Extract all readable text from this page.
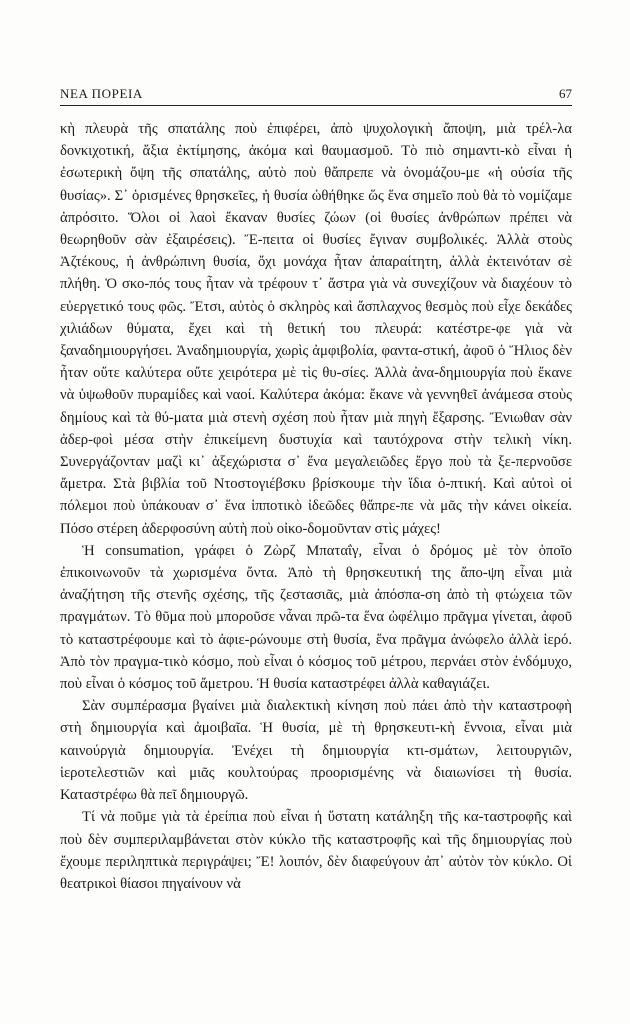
ΝΕΑ ΠΟΡΕΙΑ	67

κὴ πλευρὰ τῆς σπατάλης ποὺ ἐπιφέρει, ἀπὸ ψυχολογικὴ ἄποψη, μιὰ τρέλ-λα δονκιχοτική, ἄξια ἐκτίμησης, ἀκόμα καὶ θαυμασμοῦ. Τὸ πιὸ σημαντι-κὸ εἶναι ἡ ἐσωτερικὴ ὄψη τῆς σπατάλης, αὐτὸ ποὺ θἄπρεπε νὰ ὀνομάζου-με «ἡ οὐσία τῆς θυσίας». Σ᾿ ὁρισμένες θρησκεῖες, ἡ θυσία ὠθήθηκε ὥς ἕνα σημεῖο ποὺ θὰ τὸ νομίζαμε ἀπρόσιτο. Ὅλοι οἱ λαοὶ ἔκαναν θυσίες ζώων (οἱ θυσίες ἀνθρώπων πρέπει νὰ θεωρηθοῦν σὰν ἐξαιρέσεις). Ἔ-πειτα οἱ θυσίες ἔγιναν συμβολικές. Ἀλλὰ στοὺς Ἀζτέκους, ἡ ἀνθρώπινη θυσία, ὄχι μονάχα ἦταν ἀπαραίτητη, ἀλλὰ ἐκτεινόταν σὲ πλήθη. Ὁ σκο-πός τους ἦταν νὰ τρέφουν τ᾿ ἄστρα γιὰ νὰ συνεχίζουν νὰ διαχέουν τὸ εὐεργετικό τους φῶς. Ἔτσι, αὐτὸς ὁ σκληρὸς καὶ ἄσπλαχνος θεσμὸς ποὺ εἶχε δεκάδες χιλιάδων θύματα, ἔχει καὶ τὴ θετική του πλευρά: κατέστρε-φε γιὰ νὰ ξαναδημιουργήσει. Ἀναδημιουργία, χωρὶς ἀμφιβολία, φαντα-στική, ἀφοῦ ὁ Ἥλιος δὲν ἦταν οὔτε καλύτερα οὔτε χειρότερα μὲ τὶς θυ-σίες. Ἀλλὰ ἀνα-δημιουργία ποὺ ἔκανε νὰ ὑψωθοῦν πυραμίδες καὶ ναοί. Καλύτερα ἀκόμα: ἔκανε νὰ γεννηθεῖ ἀνάμεσα στοὺς δημίους καὶ τὰ θύ-ματα μιὰ στενὴ σχέση ποὺ ἦταν μιὰ πηγὴ ἔξαρσης. Ἔνιωθαν σὰν ἀδερ-φοὶ μέσα στὴν ἐπικείμενη δυστυχία καὶ ταυτόχρονα στὴν τελικὴ νίκη. Συνεργάζονταν μαζὶ κι᾿ ἀξεχώριστα σ᾿ ἕνα μεγαλειῶδες ἔργο ποὺ τὰ ξε-περνοῦσε ἄμετρα. Στὰ βιβλία τοῦ Ντοστογιέβσκυ βρίσκουμε τὴν ἴδια ὀ-πτική. Καὶ αὐτοὶ οἱ πόλεμοι ποὺ ὑπάκουαν σ᾿ ἕνα ἱπποτικὸ ἰδεῶδες θἄπρε-πε νὰ μᾶς τὴν κάνει οἰκεία. Πόσο στέρεη ἀδερφοσύνη αὐτὴ ποὺ οἰκο-δομοῦνταν στὶς μάχες!

Ἡ consumation, γράφει ὁ Ζὼρζ Μπαταΐγ, εἶναι ὁ δρόμος μὲ τὸν ὁποῖο ἐπικοινωνοῦν τὰ χωρισμένα ὄντα. Ἀπὸ τὴ θρησκευτική της ἄπο-ψη εἶναι μιὰ ἀναζήτηση τῆς στενῆς σχέσης, τῆς ζεστασιᾶς, μιὰ ἀπόσπα-ση ἀπὸ τὴ φτώχεια τῶν πραγμάτων. Τὸ θῦμα ποὺ μποροῦσε νἆναι πρῶ-τα ἕνα ὠφέλιμο πρᾶγμα γίνεται, ἀφοῦ τὸ καταστρέφουμε καὶ τὸ ἀφιε-ρώνουμε στὴ θυσία, ἕνα πρᾶγμα ἀνώφελο ἀλλὰ ἱερό. Ἀπὸ τὸν πραγμα-τικὸ κόσμο, ποὺ εἶναι ὁ κόσμος τοῦ μέτρου, περνάει στὸν ἐνδόμυχο, ποὺ εἶναι ὁ κόσμος τοῦ ἄμετρου. Ἡ θυσία καταστρέφει ἀλλὰ καθαγιάζει.

Σὰν συμπέρασμα βγαίνει μιὰ διαλεκτικὴ κίνηση ποὺ πάει ἀπὸ τὴν καταστροφὴ στὴ δημιουργία καὶ ἀμοιβαῖα. Ἡ θυσία, μὲ τὴ θρησκευτι-κὴ ἔννοια, εἶναι μιὰ καινούργιὰ δημιουργία. Ἐνέχει τὴ δημιουργία κτι-σμάτων, λειτουργιῶν, ἱεροτελεστιῶν καὶ μιᾶς κουλτούρας προορισμένης νὰ διαιωνίσει τὴ θυσία. Καταστρέφω θὰ πεῖ δημιουργῶ.

Τί νὰ ποῦμε γιὰ τὰ ἐρείπια ποὺ εἶναι ἡ ὕστατη κατάληξη τῆς κα-ταστροφῆς καὶ ποὺ δὲν συμπεριλαμβάνεται στὸν κύκλο τῆς καταστροφῆς καὶ τῆς δημιουργίας ποὺ ἔχουμε περιληπτικὰ περιγράψει; Ἔ! λοιπόν, δὲν διαφεύγουν ἀπ᾿ αὐτὸν τὸν κύκλο. Οἱ θεατρικοὶ θίασοι πηγαίνουν νὰ
